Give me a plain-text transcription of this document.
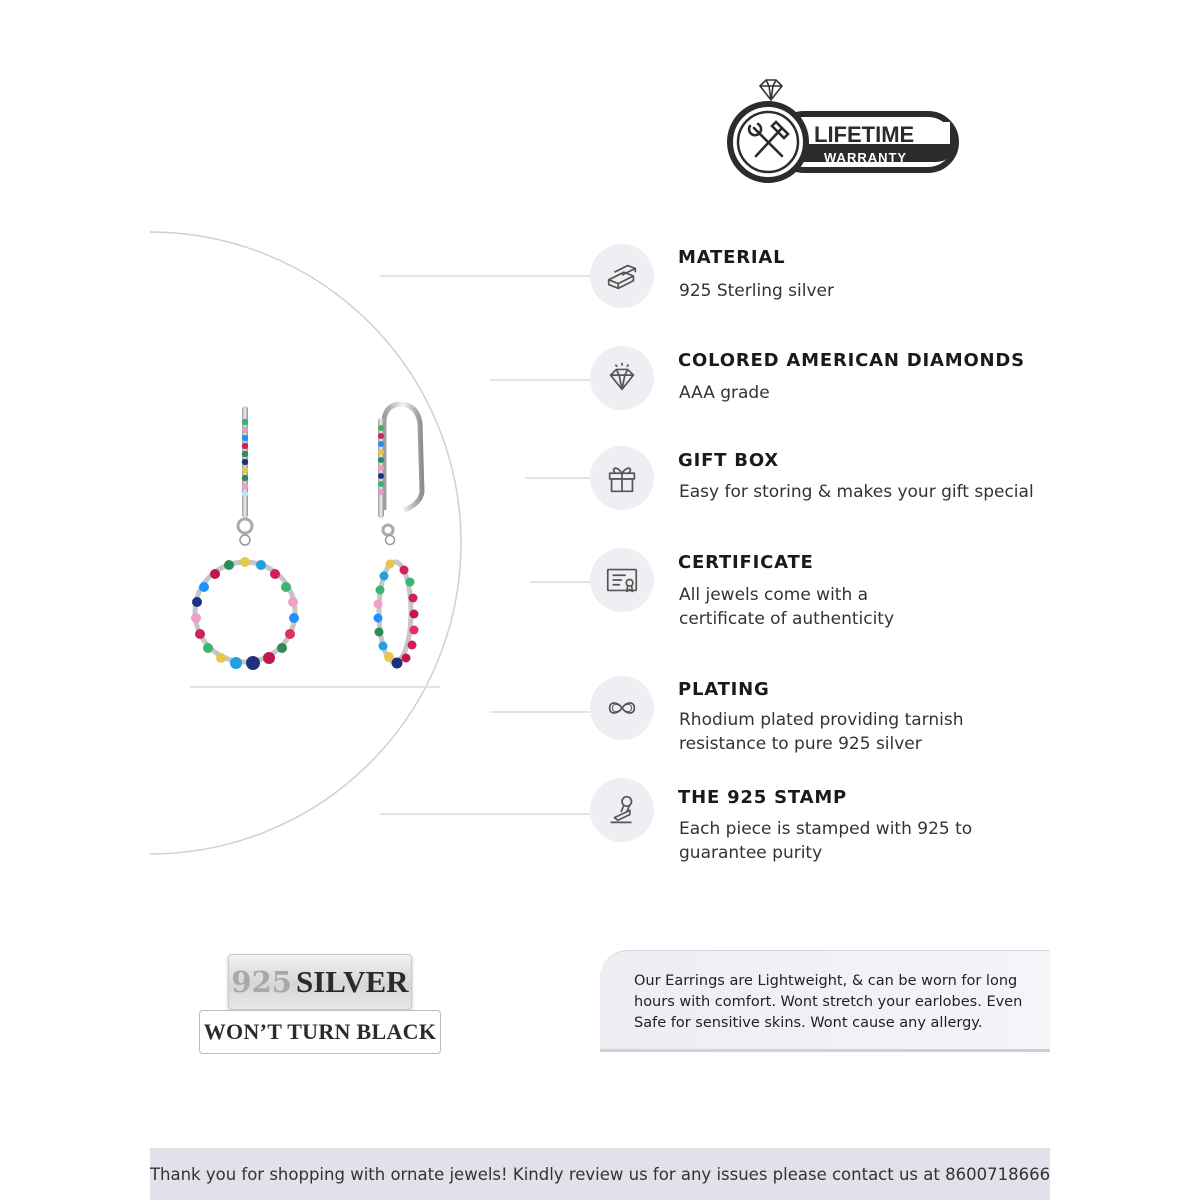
LIFETIME
WARRANTY
MATERIAL
925 Sterling silver
COLORED AMERICAN DIAMONDS
AAA grade
GIFT BOX
Easy for storing & makes your gift special
CERTIFICATE
All jewels come with a
certificate of authenticity
PLATING
Rhodium plated providing tarnish
resistance to pure 925 silver
THE 925 STAMP
Each piece is stamped with 925 to
guarantee purity
925 SILVER
WON’T TURN BLACK

Our Earrings are Lightweight, & can be worn for long

hours with comfort. Wont stretch your earlobes. Even

Safe for sensitive skins. Wont cause any allergy.

Thank you for shopping with ornate jewels! Kindly review us for any issues please contact us at 8600718666
